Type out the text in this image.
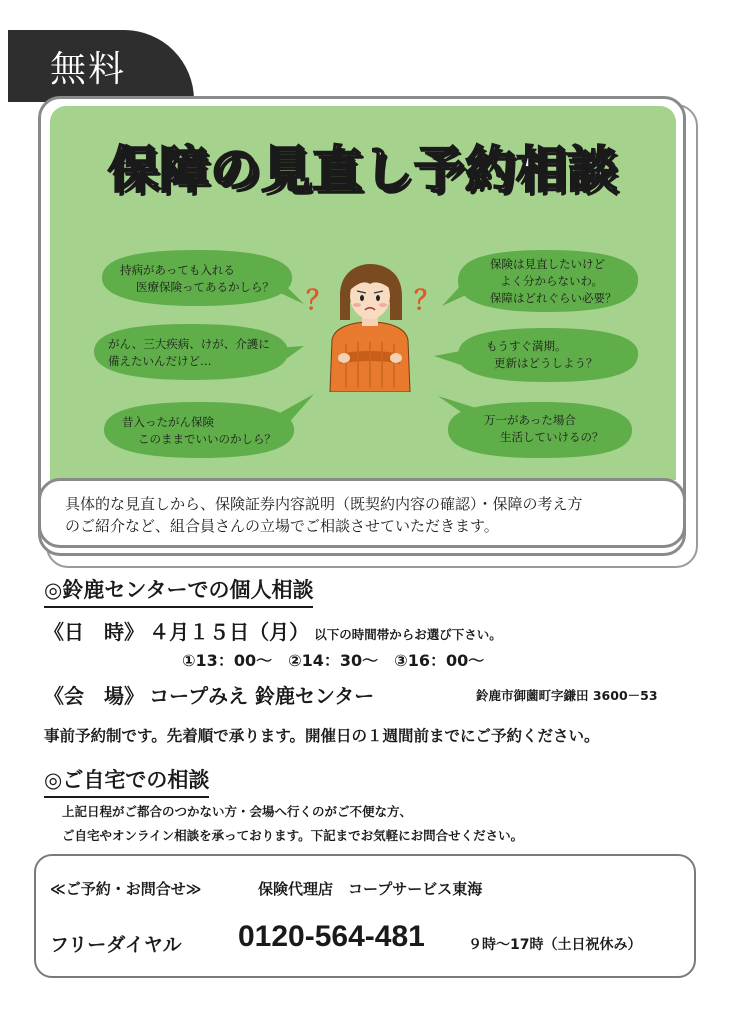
無料
保障の見直し予約相談
持病があっても入れる
医療保険ってあるかしら？
がん、三大疾病、けが、介護に
備えたいんだけど…
昔入ったがん保険
このままでいいのかしら？
保険は見直したいけど
よく分からないわ。
保障はどれぐらい必要？
もうすぐ満期。
更新はどうしよう？
万一があった場合
生活していけるの？
？	？
具体的な見直しから、保険証券内容説明（既契約内容の確認）・保障の考え方
のご紹介など、組合員さんの立場でご相談させていただきます。
◎鈴鹿センターでの個人相談
《日　時》 ４月１５日（月） 以下の時間帯からお選び下さい。
①13：00～　②14：30～　③16：00～
《会　場》 コープみえ 鈴鹿センター	鈴鹿市御薗町字鎌田 3600－53
事前予約制です。先着順で承ります。開催日の１週間前までにご予約ください。
◎ご自宅での相談
上記日程がご都合のつかない方・会場へ行くのがご不便な方、
ご自宅やオンライン相談を承っております。下記までお気軽にお問合せください。
≪ご予約・お問合せ≫	保険代理店　コープサービス東海
フリーダイヤル 0120-564-481	９時～17時（土日祝休み）
